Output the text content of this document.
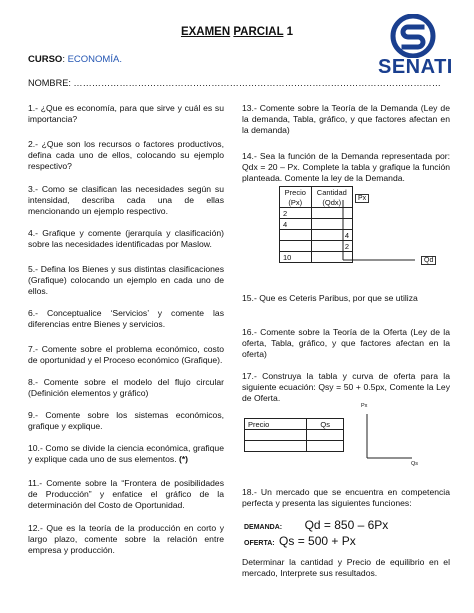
EXAMEN PARCIAL 1
SENATI
CURSO: ECONOMÍA.
NOMBRE: …………………………………………………………………………………………………………
1.- ¿Que es economía, para que sirve y cuál es su importancia?
2.- ¿Que son los recursos o factores productivos, defina cada uno de ellos, colocando su ejemplo respectivo?
3.- Como se clasifican las necesidades según su intensidad, describa cada una de ellas mencionando un ejemplo respectivo.
4.- Grafique y comente (jerarquía y clasificación) sobre las necesidades identificadas por Maslow.
5.- Defina los Bienes y sus distintas clasificaciones (Grafique) colocando un ejemplo en cada uno de ellos.
6.- Conceptualice ‘Servicios’ y comente las diferencias entre Bienes y servicios.
7.- Comente sobre el problema económico, costo de oportunidad y el Proceso económico (Grafique).
8.- Comente sobre el modelo del flujo circular (Definición elementos y gráfico)
9.- Comente sobre los sistemas económicos, grafique y explique.
10.- Como se divide la ciencia económica, grafique y explique cada uno de sus elementos. (*)
11.- Comente sobre la “Frontera de posibilidades de Producción” y enfatice el gráfico de la determinación del Costo de Oportunidad.
12.- Que es la teoría de la producción en corto y largo plazo, comente sobre la relación entre empresa y producción.
13.- Comente sobre la Teoría de la Demanda (Ley de la demanda, Tabla, gráfico, y que factores afectan en la demanda)
14.- Sea la función de la Demanda representada por: Qdx = 20 – Px. Complete la tabla y grafique la función planteada. Comente la ley de la Demanda.
Precio	Cantidad
(Px)	(Qdx)
2	
4	
	4
	2
10	
Px
Qd
15.- Que es Ceteris Paribus, por que se utiliza
16.- Comente sobre la Teoría de la Oferta (Ley de la oferta, Tabla, gráfico, y que factores afectan en la oferta)
17.- Construya la tabla y curva de oferta para la siguiente ecuación: Qsy = 50 + 0.5px, Comente la Ley de Oferta.
Precio	Qs

Px
Qs
18.- Un mercado que se encuentra en competencia perfecta y presenta las siguientes funciones:
DEMANDA: Qd = 850 – 6Px
OFERTA: Qs = 500 + Px
Determinar la cantidad y Precio de equilibrio en el mercado, Interprete sus resultados.
